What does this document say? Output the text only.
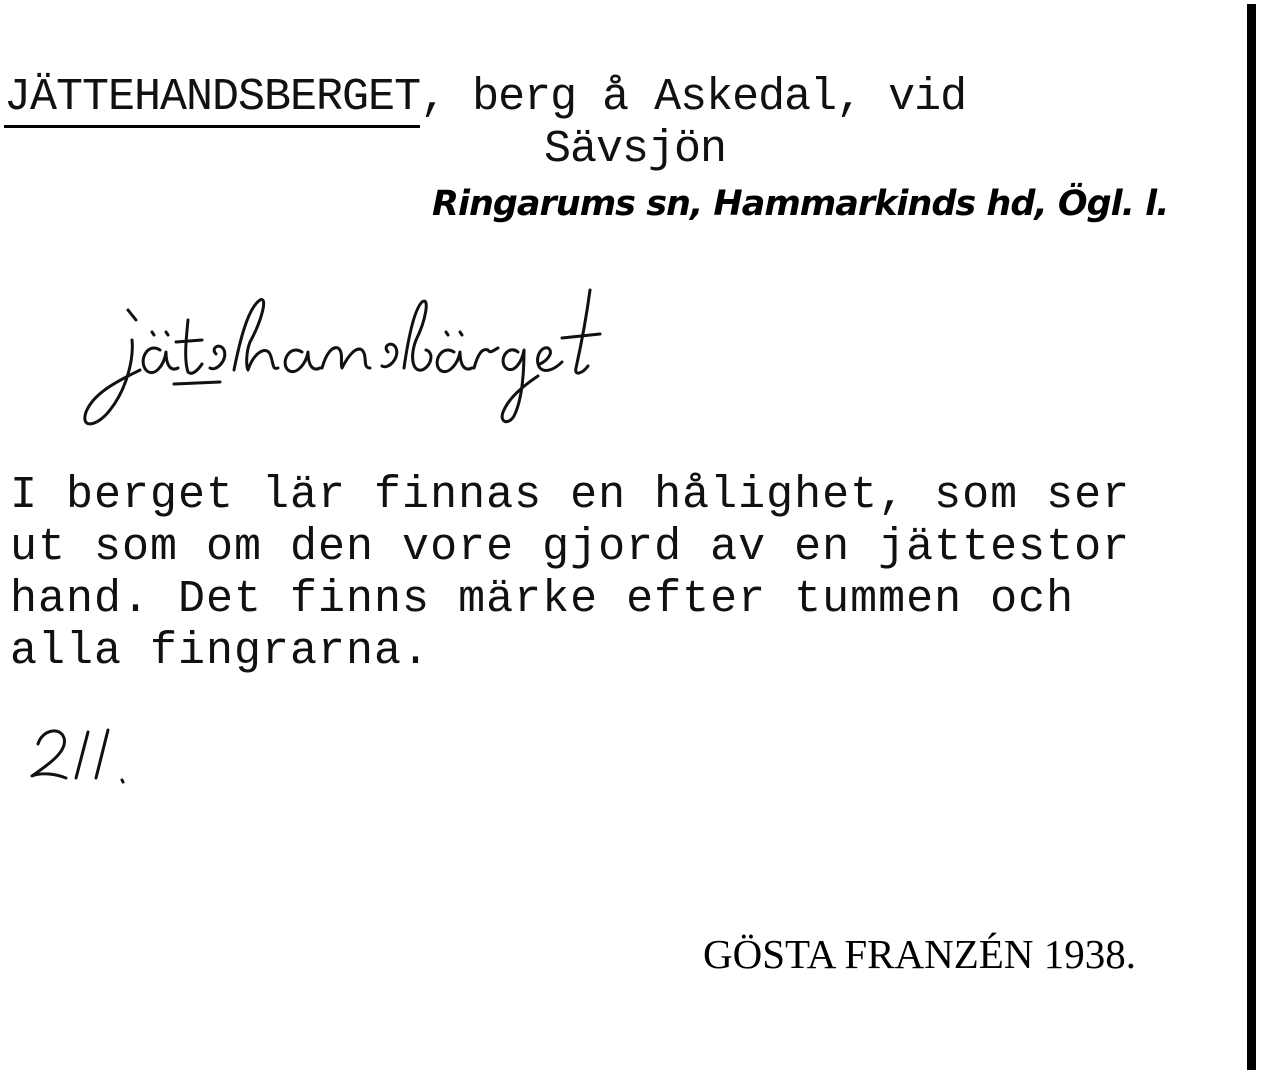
JÄTTEHANDSBERGET, berg å Askedal, vid
Sävsjön
Ringarums sn, Hammarkinds hd, Ögl. l.
I berget lär finnas en hålighet, som ser
ut som om den vore gjord av en jättestor
hand. Det finns märke efter tummen och
alla fingrarna.
GÖSTA FRANZÉN 1938.
